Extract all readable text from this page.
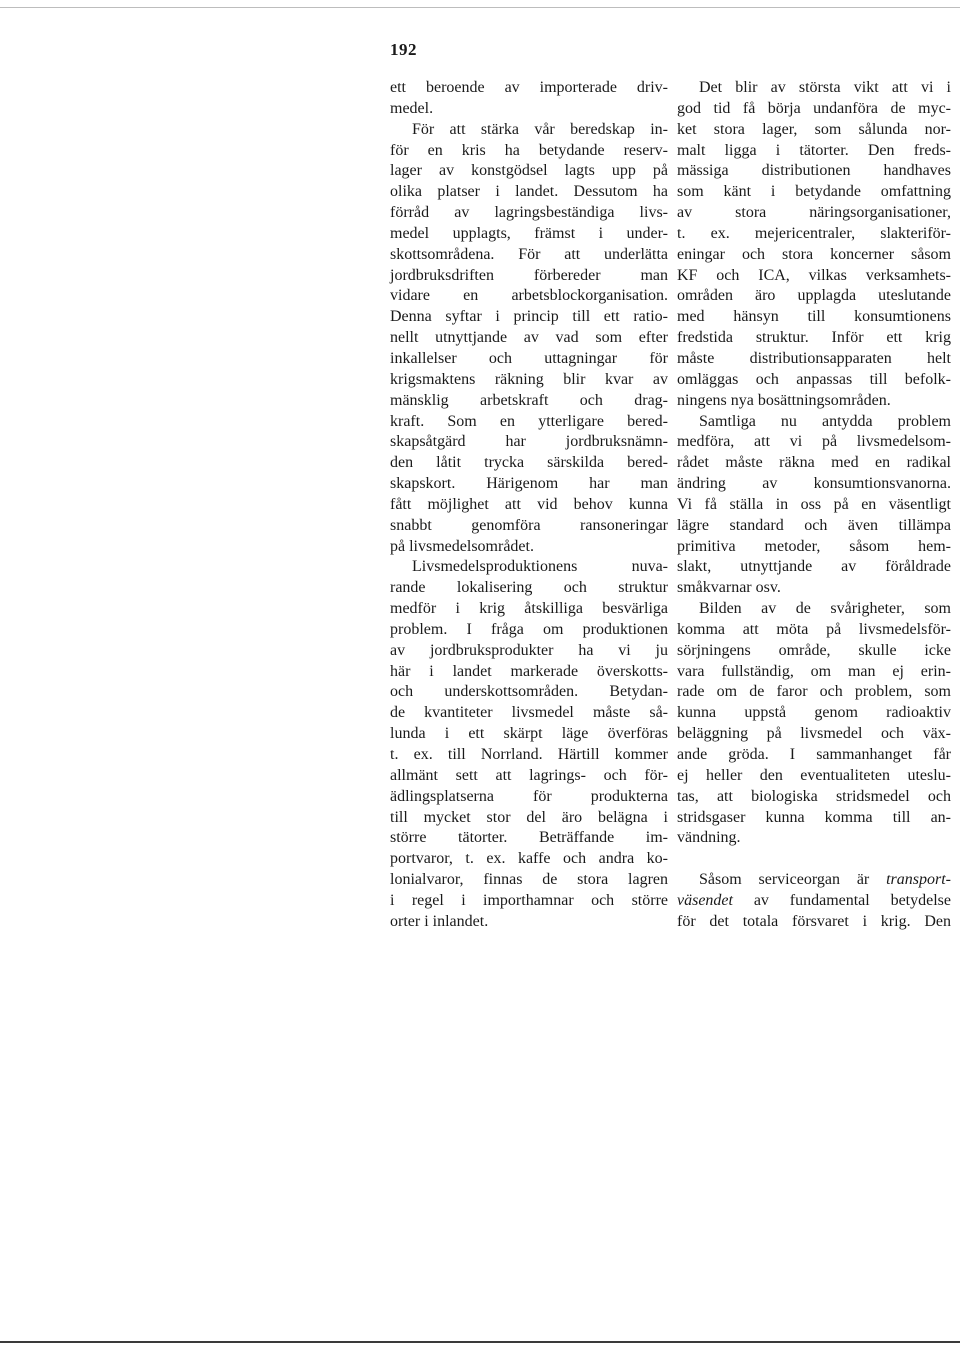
192
ett beroende av importerade driv-
medel.
För att stärka vår beredskap in-
för en kris ha betydande reserv-
lager av konstgödsel lagts upp på
olika platser i landet. Dessutom ha
förråd av lagringsbeständiga livs-
medel upplagts, främst i under-
skottsområdena. För att underlätta
jordbruksdriften förbereder man
vidare en arbetsblockorganisation.
Denna syftar i princip till ett ratio-
nellt utnyttjande av vad som efter
inkallelser och uttagningar för
krigsmaktens räkning blir kvar av
mänsklig arbetskraft och drag-
kraft. Som en ytterligare bered-
skapsåtgärd har jordbruksnämn-
den låtit trycka särskilda bered-
skapskort. Härigenom har man
fått möjlighet att vid behov kunna
snabbt genomföra ransoneringar
på livsmedelsområdet.
Livsmedelsproduktionens nuva-
rande lokalisering och struktur
medför i krig åtskilliga besvärliga
problem. I fråga om produktionen
av jordbruksprodukter ha vi ju
här i landet markerade överskotts-
och underskottsområden. Betydan-
de kvantiteter livsmedel måste så-
lunda i ett skärpt läge överföras
t. ex. till Norrland. Härtill kommer
allmänt sett att lagrings- och för-
ädlingsplatserna för produkterna
till mycket stor del äro belägna i
större tätorter. Beträffande im-
portvaror, t. ex. kaffe och andra ko-
lonialvaror, finnas de stora lagren
i regel i importhamnar och större
orter i inlandet.
Det blir av största vikt att vi i
god tid få börja undanföra de myc-
ket stora lager, som sålunda nor-
malt ligga i tätorter. Den freds-
mässiga distributionen handhaves
som känt i betydande omfattning
av stora näringsorganisationer,
t. ex. mejericentraler, slakteriför-
eningar och stora koncerner såsom
KF och ICA, vilkas verksamhets-
områden äro upplagda uteslutande
med hänsyn till konsumtionens
fredstida struktur. Inför ett krig
måste distributionsapparaten helt
omläggas och anpassas till befolk-
ningens nya bosättningsområden.
Samtliga nu antydda problem
medföra, att vi på livsmedelsom-
rådet måste räkna med en radikal
ändring av konsumtionsvanorna.
Vi få ställa in oss på en väsentligt
lägre standard och även tillämpa
primitiva metoder, såsom hem-
slakt, utnyttjande av föråldrade
småkvarnar osv.
Bilden av de svårigheter, som
komma att möta på livsmedelsför-
sörjningens område, skulle icke
vara fullständig, om man ej erin-
rade om de faror och problem, som
kunna uppstå genom radioaktiv
beläggning på livsmedel och väx-
ande gröda. I sammanhanget får
ej heller den eventualiteten uteslu-
tas, att biologiska stridsmedel och
stridsgaser kunna komma till an-
vändning.
Såsom serviceorgan är transport-
väsendet av fundamental betydelse
för det totala försvaret i krig. Den
